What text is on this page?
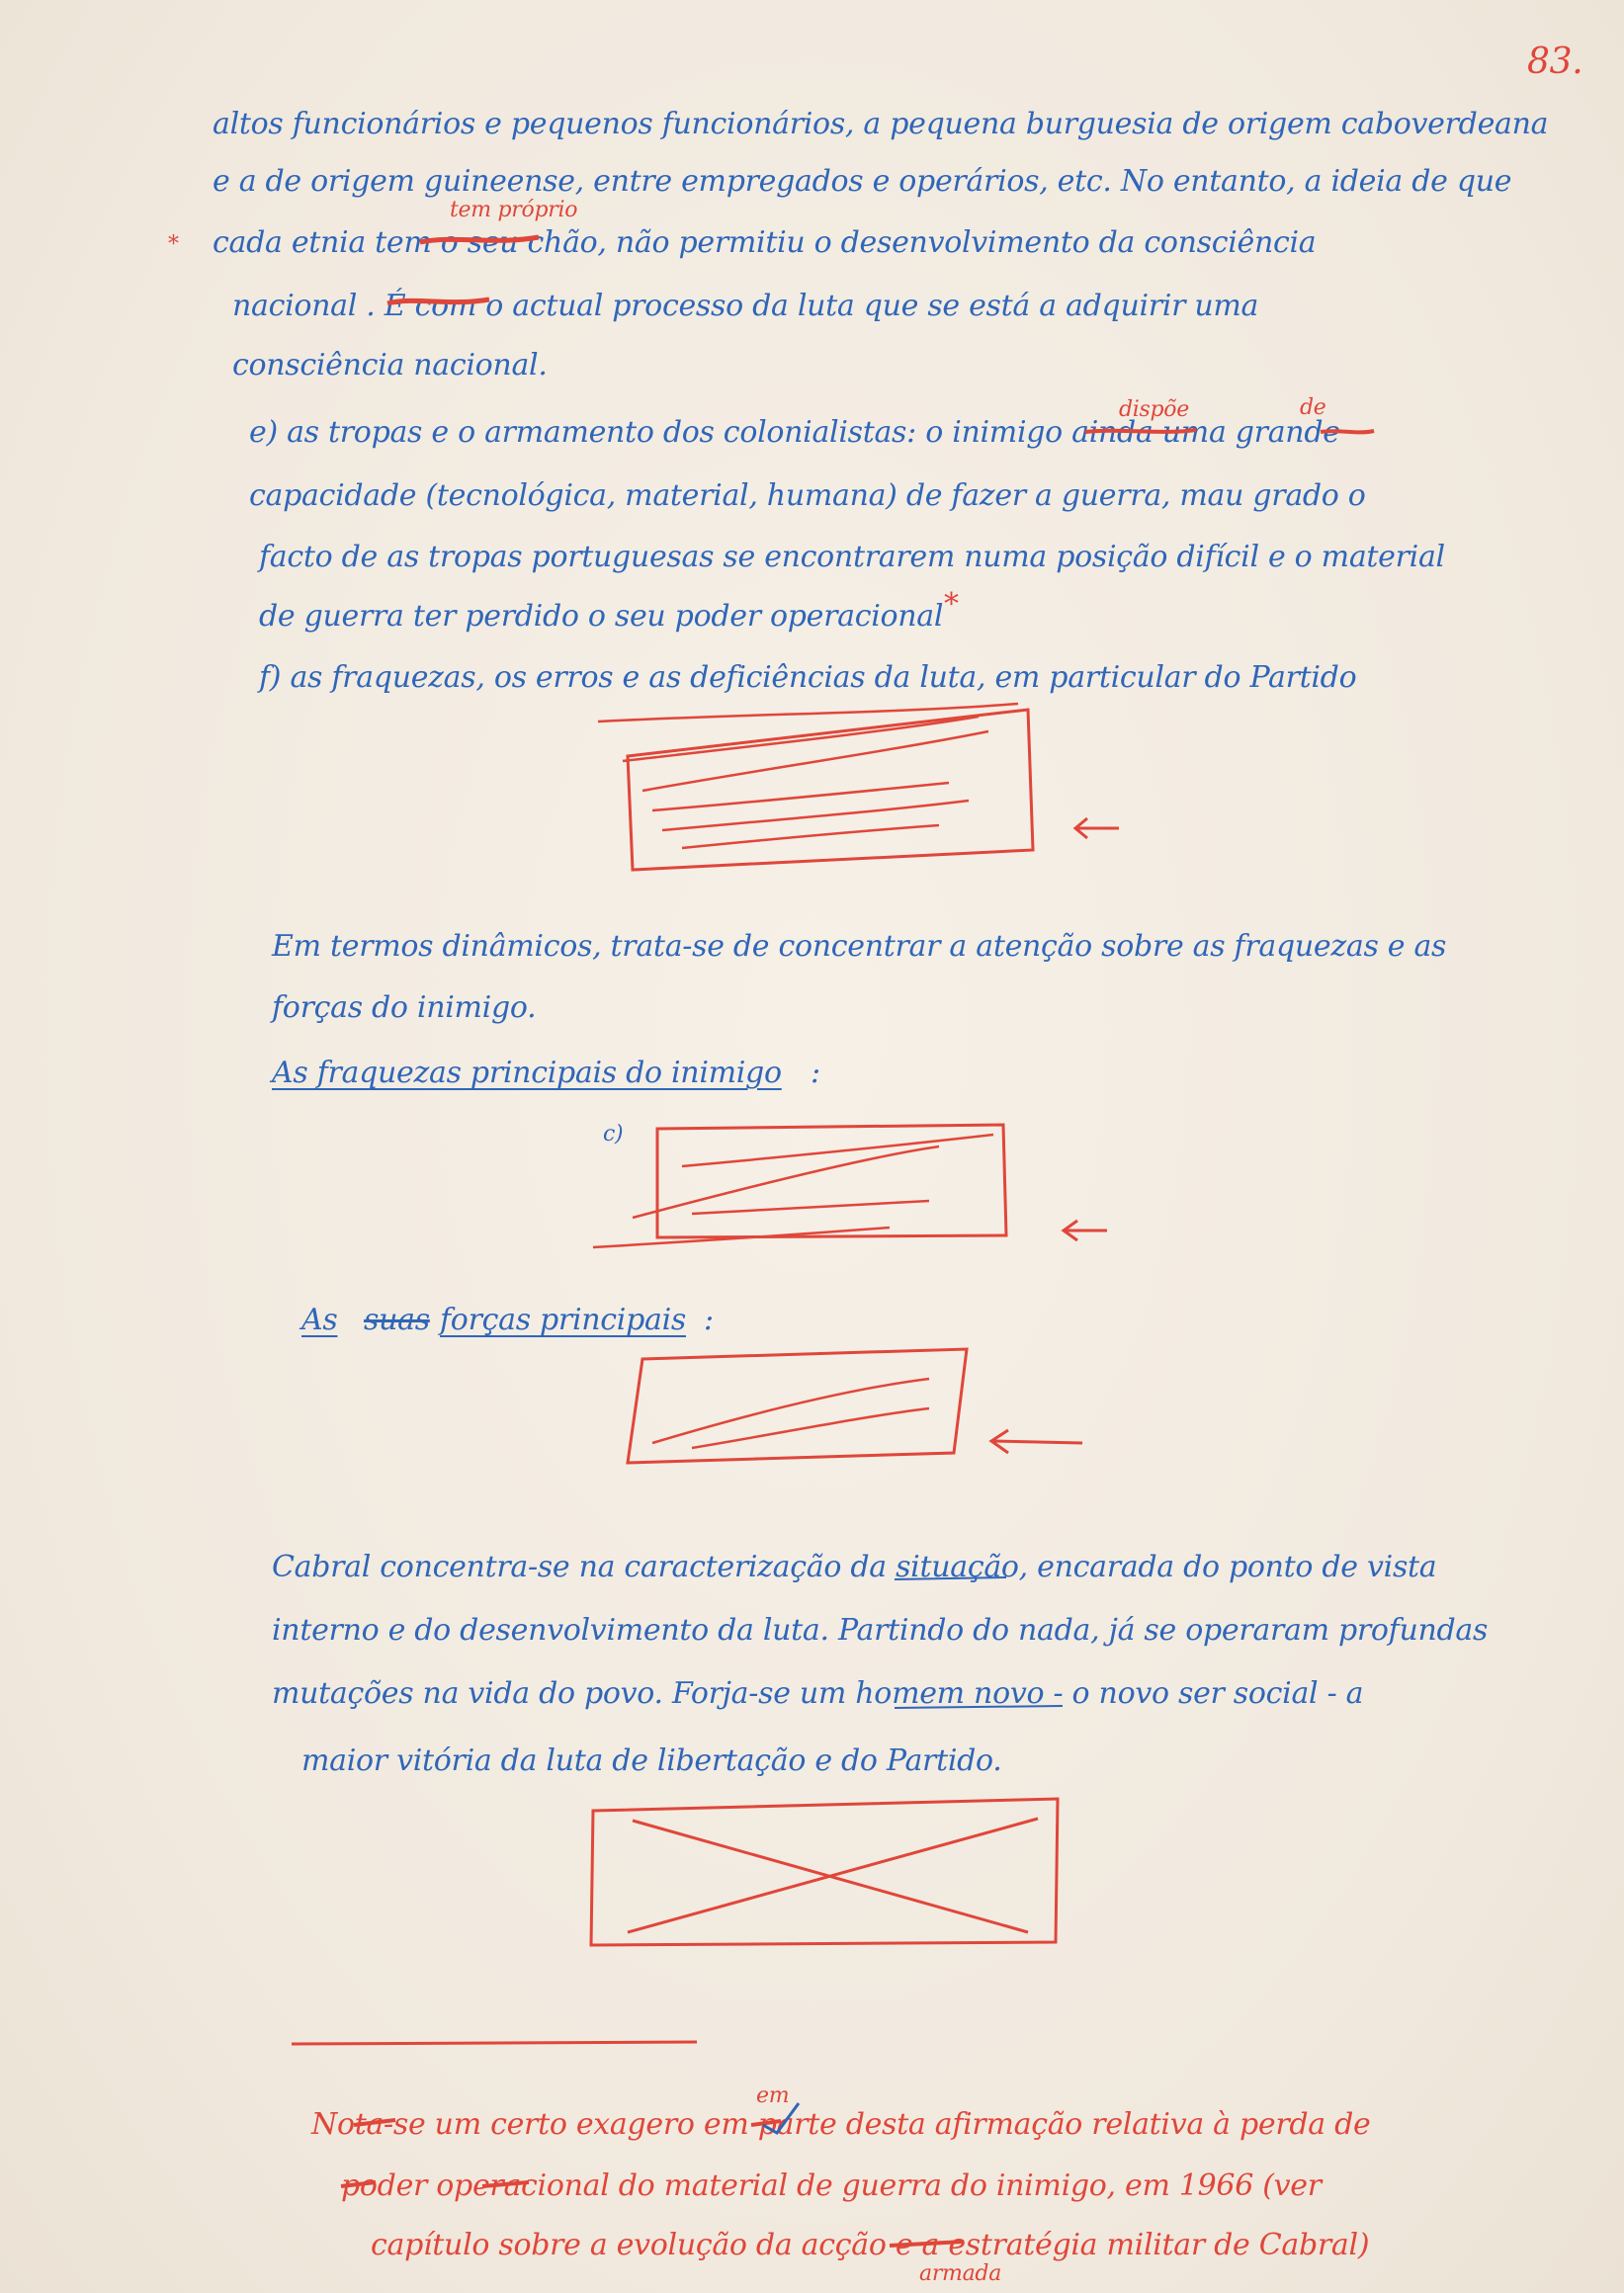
83.
altos funcionários e pequenos funcionários, a pequena burguesia de origem caboverdeana
e a de origem guineense, entre empregados e operários, etc. No entanto, a ideia de que
*
tem próprio
cada etnia tem o seu chão, não permitiu o desenvolvimento da consciência
nacional . É com o actual processo da luta que se está a adquirir uma
consciência nacional.
dispõe	de
e) as tropas e o armamento dos colonialistas: o inimigo ainda uma grande
capacidade (tecnológica, material, humana) de fazer a guerra, mau grado o
facto de as tropas portuguesas se encontrarem numa posição difícil e o material
de guerra ter perdido o seu poder operacional *
f) as fraquezas, os erros e as deficiências da luta, em particular do Partido
Em termos dinâmicos, trata-se de concentrar a atenção sobre as fraquezas e as
forças do inimigo.
As fraquezas principais do inimigo :
c)
As suas forças principais :
Cabral concentra-se na caracterização da situação, encarada do ponto de vista
interno e do desenvolvimento da luta. Partindo do nada, já se operaram profundas
mutações na vida do povo. Forja-se um homem novo - o novo ser social - a
maior vitória da luta de libertação e do Partido.
em
Nota-se um certo exagero em parte desta afirmação relativa à perda de
poder operacional do material de guerra do inimigo, em 1966 (ver
capítulo sobre a evolução da acção e a estratégia militar de Cabral)
armada
